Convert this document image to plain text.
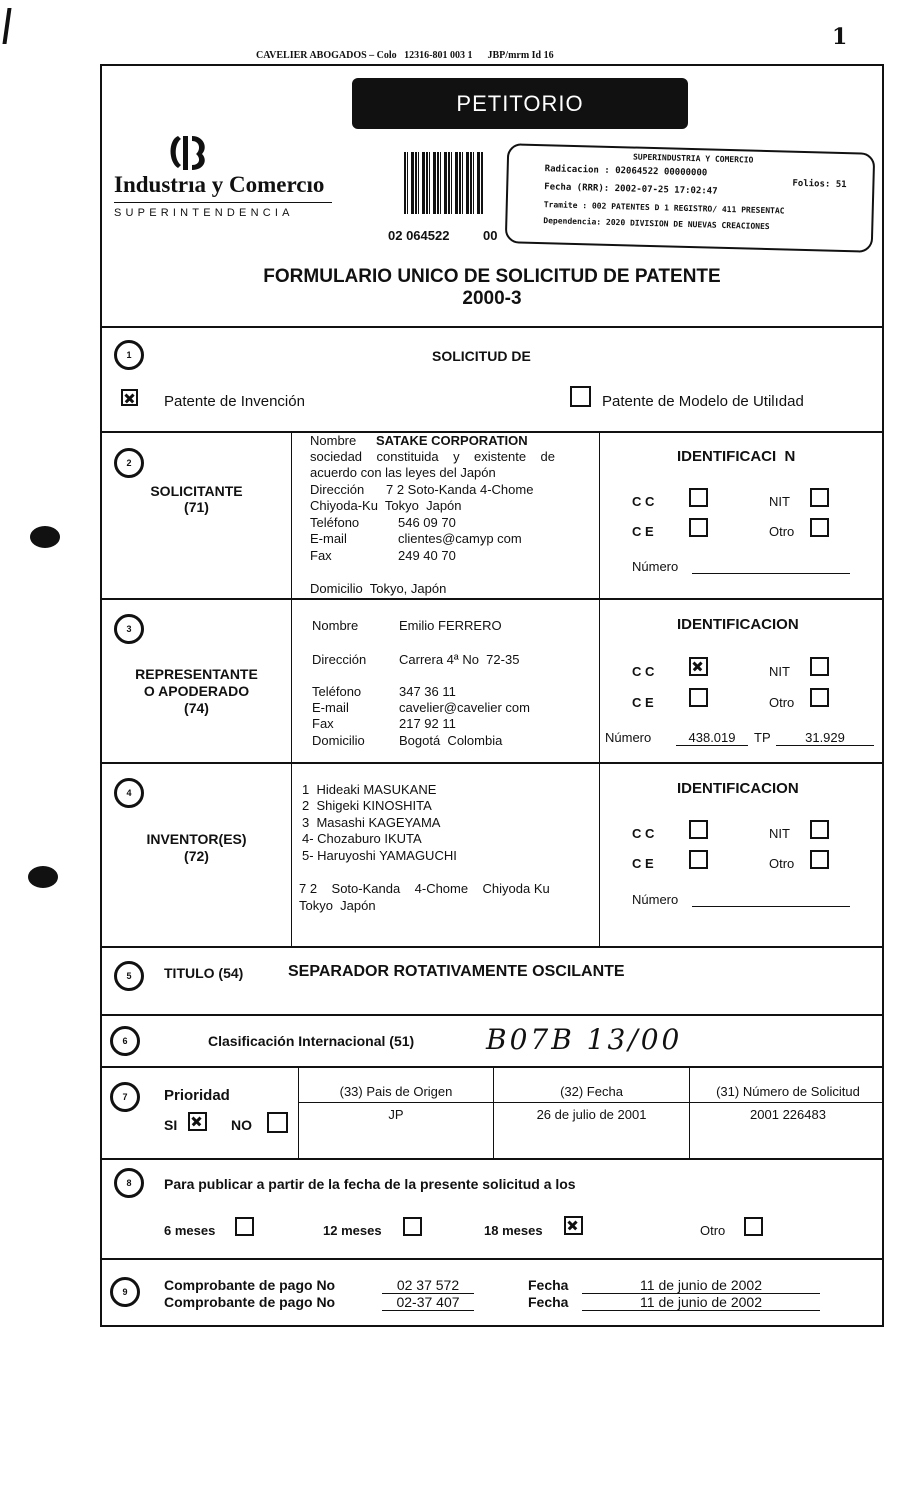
1
CAVELIER ABOGADOS – Colo   12316-801 003 1      JBP/mrm Id 16
PETITORIO
Industrıa y Comercıo
SUPERINTENDENCIA
02 064522	00
SUPERINDUSTRIA Y COMERCIO
Radicacion : 02064522 00000000
Fecha (RRR): 2002-07-25 17:02:47	Folios: 51
Tramite : 002 PATENTES D 1 REGISTRO/ 411 PRESENTAC
Dependencia: 2020 DIVISION DE NUEVAS CREACIONES
FORMULARIO UNICO DE SOLICITUD DE PATENTE
2000-3
1	SOLICITUD DE
Patente de Invención	Patente de Modelo de Utilıdad
2
SOLICITANTE
(71)
Nombre SATAKE CORPORATION
sociedad    constituida    y    existente    de
acuerdo con las leyes del Japón
Dirección 7 2 Soto-Kanda 4-Chome
Chiyoda-Ku  Tokyo  Japón
Teléfono	546 09 70
E-mail	clientes@camyp com
Fax	249 40 70
Domicilio  Tokyo, Japón
IDENTIFICACI  N
C C	NIT
C E	Otro
Número
3
REPRESENTANTE
O APODERADO
(74)
Nombre	Emilio FERRERO
Dirección	Carrera 4ª No  72-35
Teléfono	347 36 11
E-mail	cavelier@cavelier com
Fax	217 92 11
Domicilio	Bogotá  Colombia
IDENTIFICACION
C C	NIT
C E	Otro
Número	438.019	TP	31.929
4
INVENTOR(ES)
(72)
1  Hideaki MASUKANE
2  Shigeki KINOSHITA
3  Masashi KAGEYAMA
4- Chozaburo IKUTA
5- Haruyoshi YAMAGUCHI
7 2    Soto-Kanda    4-Chome    Chiyoda Ku
Tokyo  Japón
IDENTIFICACION
C C	NIT
C E	Otro
Número
5	TITULO (54)	SEPARADOR ROTATIVAMENTE OSCILANTE
6	Clasificación Internacional (51)	B07B 13/00
7	Prioridad
SI	NO
(33) Pais de Origen	(32) Fecha	(31) Número de Solicitud
JP	26 de julio de 2001	2001 226483
8	Para publicar a partir de la fecha de la presente solicitud a los
6 meses	12 meses	18 meses	Otro
9	Comprobante de pago No	02 37 572	Fecha	11 de junio de 2002
Comprobante de pago No	02-37 407	Fecha	11 de junio de 2002
